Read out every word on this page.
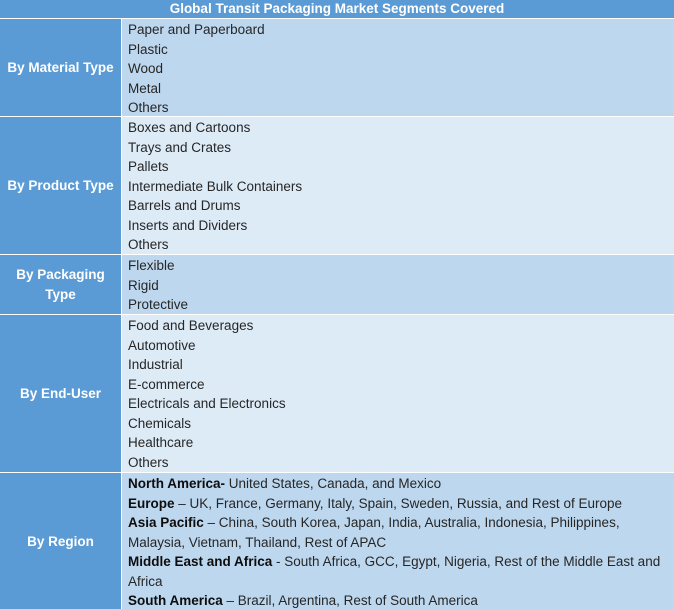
Global Transit Packaging Market Segments Covered
By Material Type
Paper and Paperboard
Plastic
Wood
Metal
Others
By Product Type
Boxes and Cartoons
Trays and Crates
Pallets
Intermediate Bulk Containers
Barrels and Drums
Inserts and Dividers
Others
By Packaging Type
Flexible
Rigid
Protective
By End-User
Food and Beverages
Automotive
Industrial
E-commerce
Electricals and Electronics
Chemicals
Healthcare
Others
By Region
North America- United States, Canada, and Mexico
Europe – UK, France, Germany, Italy, Spain, Sweden, Russia, and Rest of Europe
Asia Pacific – China, South Korea, Japan, India, Australia, Indonesia, Philippines, Malaysia, Vietnam, Thailand, Rest of APAC
Middle East and Africa - South Africa, GCC, Egypt, Nigeria, Rest of the Middle East and Africa
South America – Brazil, Argentina, Rest of South America
